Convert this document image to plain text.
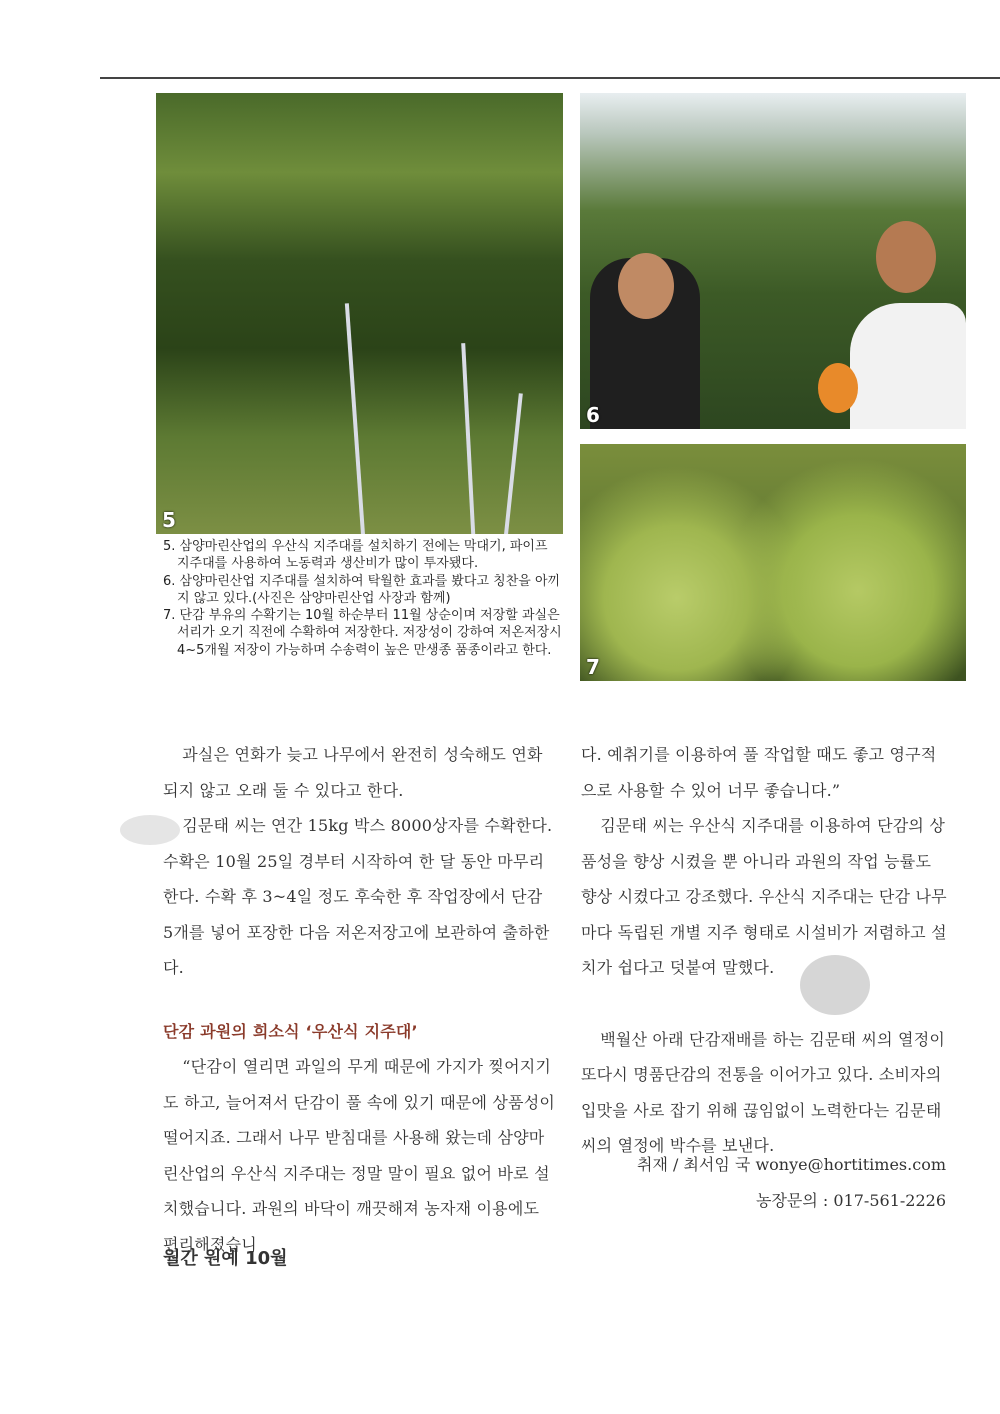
5
6
7
5. 삼양마린산업의 우산식 지주대를 설치하기 전에는 막대기, 파이프 지주대를 사용하여 노동력과 생산비가 많이 투자됐다.
6. 삼양마린산업 지주대를 설치하여 탁월한 효과를 봤다고 칭찬을 아끼지 않고 있다.(사진은 삼양마린산업 사장과 함께)
7. 단감 부유의 수확기는 10월 하순부터 11월 상순이며 저장할 과실은 서리가 오기 직전에 수확하여 저장한다. 저장성이 강하여 저온저장시 4~5개월 저장이 가능하며 수송력이 높은 만생종 품종이라고 한다.

과실은 연화가 늦고 나무에서 완전히 성숙해도 연화되지 않고 오래 둘 수 있다고 한다.

김문태 씨는 연간 15kg 박스 8000상자를 수확한다. 수확은 10월 25일 경부터 시작하여 한 달 동안 마무리한다. 수확 후 3~4일 정도 후숙한 후 작업장에서 단감 5개를 넣어 포장한 다음 저온저장고에 보관하여 출하한다.

단감 과원의 희소식 ‘우산식 지주대’

“단감이 열리면 과일의 무게 때문에 가지가 찢어지기도 하고, 늘어져서 단감이 풀 속에 있기 때문에 상품성이 떨어지죠. 그래서 나무 받침대를 사용해 왔는데 삼양마린산업의 우산식 지주대는 정말 말이 필요 없어 바로 설치했습니다. 과원의 바닥이 깨끗해져 농자재 이용에도 편리해졌습니

다. 예취기를 이용하여 풀 작업할 때도 좋고 영구적으로 사용할 수 있어 너무 좋습니다.”

김문태 씨는 우산식 지주대를 이용하여 단감의 상품성을 향상 시켰을 뿐 아니라 과원의 작업 능률도 향상 시켰다고 강조했다. 우산식 지주대는 단감 나무마다 독립된 개별 지주 형태로 시설비가 저렴하고 설치가 쉽다고 덧붙여 말했다.

백월산 아래 단감재배를 하는 김문태 씨의 열정이 또다시 명품단감의 전통을 이어가고 있다. 소비자의 입맛을 사로 잡기 위해 끊임없이 노력한다는 김문태 씨의 열정에 박수를 보낸다.

취재 / 최서임 국 wonye@hortitimes.com
농장문의 : 017-561-2226
월간 원예 10월
